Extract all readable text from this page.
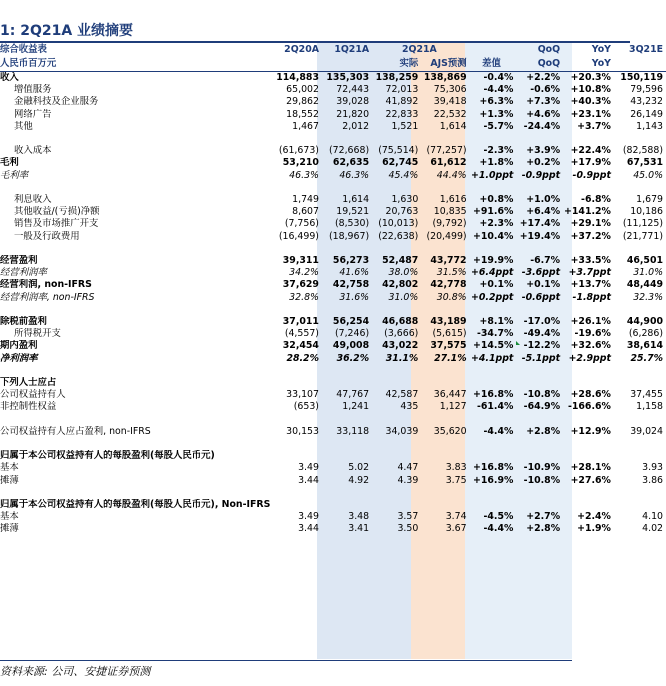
1: 2Q21A 业绩摘要
综合收益表	2Q20A	1Q21A	2Q21A			QoQ	YoY	3Q21E
人民币百万元			实际	AJS预测	差值	QoQ	YoY	
收入	114,883	135,303	138,259	138,869	-0.4%	+2.2%	+20.3%	150,119
增值服务	65,002	72,443	72,013	75,306	-4.4%	-0.6%	+10.8%	79,596
金融科技及企业服务	29,862	39,028	41,892	39,418	+6.3%	+7.3%	+40.3%	43,232
网络广告	18,552	21,820	22,833	22,532	+1.3%	+4.6%	+23.1%	26,149
其他	1,467	2,012	1,521	1,614	-5.7%	-24.4%	+3.7%	1,143

收入成本	(61,673)	(72,668)	(75,514)	(77,257)	-2.3%	+3.9%	+22.4%	(82,588)
毛利	53,210	62,635	62,745	61,612	+1.8%	+0.2%	+17.9%	67,531
毛利率	46.3%	46.3%	45.4%	44.4%	+1.0ppt	-0.9ppt	-0.9ppt	45.0%

利息收入	1,749	1,614	1,630	1,616	+0.8%	+1.0%	-6.8%	1,679
其他收益/(亏损)净额	8,607	19,521	20,763	10,835	+91.6%	+6.4%	+141.2%	10,186
销售及市场推广开支	(7,756)	(8,530)	(10,013)	(9,792)	+2.3%	+17.4%	+29.1%	(11,125)
一般及行政费用	(16,499)	(18,967)	(22,638)	(20,499)	+10.4%	+19.4%	+37.2%	(21,771)

经营盈利	39,311	56,273	52,487	43,772	+19.9%	-6.7%	+33.5%	46,501
经营利润率	34.2%	41.6%	38.0%	31.5%	+6.4ppt	-3.6ppt	+3.7ppt	31.0%
经营利润, non-IFRS	37,629	42,758	42,802	42,778	+0.1%	+0.1%	+13.7%	48,449
经营利润率, non-IFRS	32.8%	31.6%	31.0%	30.8%	+0.2ppt	-0.6ppt	-1.8ppt	32.3%

除税前盈利	37,011	56,254	46,688	43,189	+8.1%	-17.0%	+26.1%	44,900
所得税开支	(4,557)	(7,246)	(3,666)	(5,615)	-34.7%	-49.4%	-19.6%	(6,286)
期内盈利	32,454	49,008	43,022	37,575	+14.5%	-12.2%	+32.6%	38,614
净利润率	28.2%	36.2%	31.1%	27.1%	+4.1ppt	-5.1ppt	+2.9ppt	25.7%

下列人士应占								
公司权益持有人	33,107	47,767	42,587	36,447	+16.8%	-10.8%	+28.6%	37,455
非控制性权益	(653)	1,241	435	1,127	-61.4%	-64.9%	-166.6%	1,158

公司权益持有人应占盈利, non-IFRS	30,153	33,118	34,039	35,620	-4.4%	+2.8%	+12.9%	39,024

归属于本公司权益持有人的每股盈利(每股人民币元)								
基本	3.49	5.02	4.47	3.83	+16.8%	-10.9%	+28.1%	3.93
摊薄	3.44	4.92	4.39	3.75	+16.9%	-10.8%	+27.6%	3.86

归属于本公司权益持有人的每股盈利(每股人民币元), Non-IFRS								
基本	3.49	3.48	3.57	3.74	-4.5%	+2.7%	+2.4%	4.10
摊薄	3.44	3.41	3.50	3.67	-4.4%	+2.8%	+1.9%	4.02
资料来源: 公司、安捷证券预测
